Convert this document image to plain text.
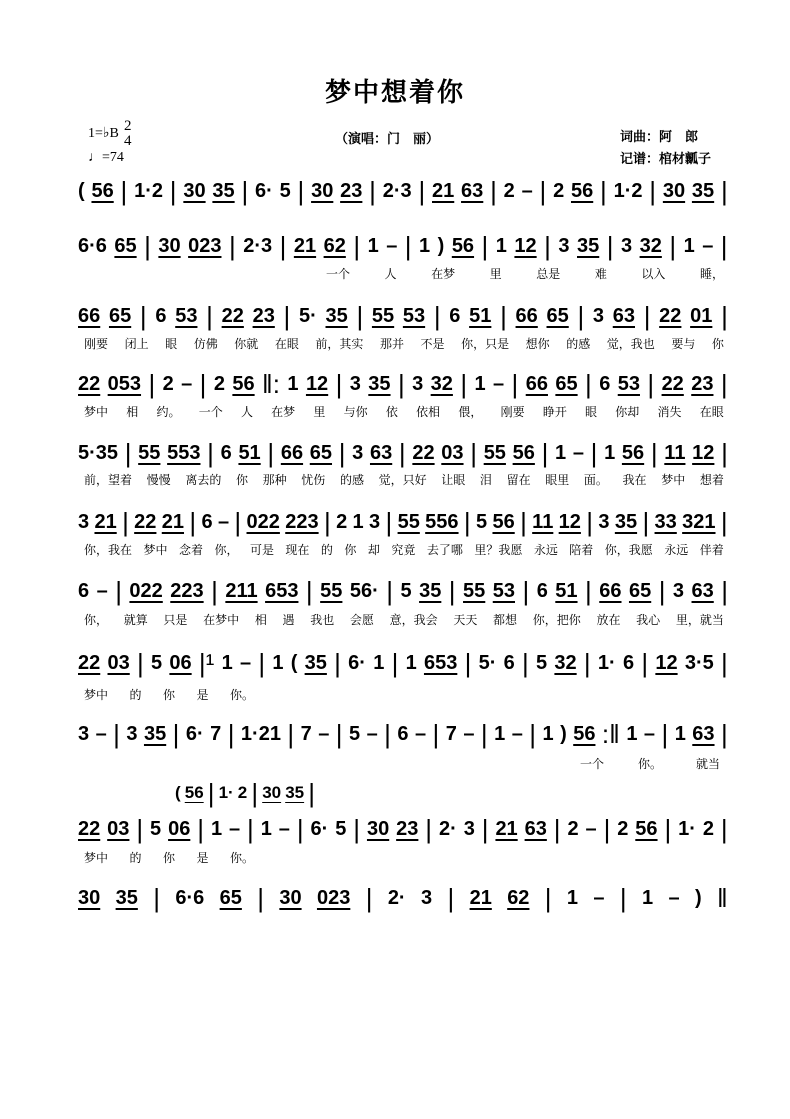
梦中想着你
1=♭B 2
4
♩=74
（演唱：门　丽）	词曲：阿　郎
记谱：棺材瓤子
( 56 | 1·2 | 30 35 | 6· 5 | 30 23 | 2·3 | 21 63 | 2 – | 2 56 | 1·2 | 30 35 |
6·6 65 | 30 023 | 2·3 | 21 62 | 1 – | 1 ) 56 | 1 12 | 3 35 | 3 32 | 1 – |
一个	人	在梦	里	总是	难	以入	睡，
66 65 | 6 53 | 22 23 | 5· 35 | 55 53 | 6 51 | 66 65 | 3 63 | 22 01 |
刚要 闭上 眼 仿佛 你就 在眼 前，其实 那并 不是 你，只是 想你 的感 觉，我也 要与 你
22 053 | 2 – | 2 56 ‖: 1 12 | 3 35 | 3 32 | 1 – | 66 65 | 6 53 | 22 23 |
梦中 相 约。 一个 人 在梦 里 与你 依 依相 偎， 刚要 睁开 眼 你却 消失 在眼
5·35 | 55 553 | 6 51 | 66 65 | 3 63 | 22 03 | 55 56 | 1 – | 1 56 | 11 12 |
前，望着 慢慢 离去的 你 那种 忧伤 的感 觉，只好 让眼 泪 留在 眼里 面。 我在 梦中 想着
3 21 | 22 21 | 6 – | 022 223 | 2 1 3 | 55 556 | 5 56 | 11 12 | 3 35 | 33 321 |
你，我在 梦中 念着 你， 可是 现在 的 你 却 究竟 去了哪 里？我愿 永远 陪着 你，我愿 永远 伴着
6 – | 022 223 | 211 653 | 55 56· | 5 35 | 55 53 | 6 51 | 66 65 | 3 63 |
你， 就算 只是 在梦中 相 遇 我也 会愿 意，我会 天天 都想 你，把你 放在 我心 里，就当
22 03 | 5 06 |¹ 1 – | 1 ( 35 | 6· 1 | 1 653 | 5· 6 | 5 32 | 1· 6 | 12 3·5 |
梦中 的 你 是 你。
3 – | 3 35 | 6· 7 | 1·21 | 7 – | 5 – | 6 – | 7 – | 1 – | 1 ) 56 :‖ 1 – | 1 63 |
一个	你。	就当
22 03 | 5 06 | 1 – | 1 – | 6· 5 | 30 23 | 2· 3 | 21 63 | 2 – | 2 56 | 1· 2 |
梦中 的 你 是 你。
30 35 | 6·6 65 | 30 023 | 2· 3 | 21 62 | 1 – | 1 – ) ‖
( 56 | 1· 2 | 30 35 |
